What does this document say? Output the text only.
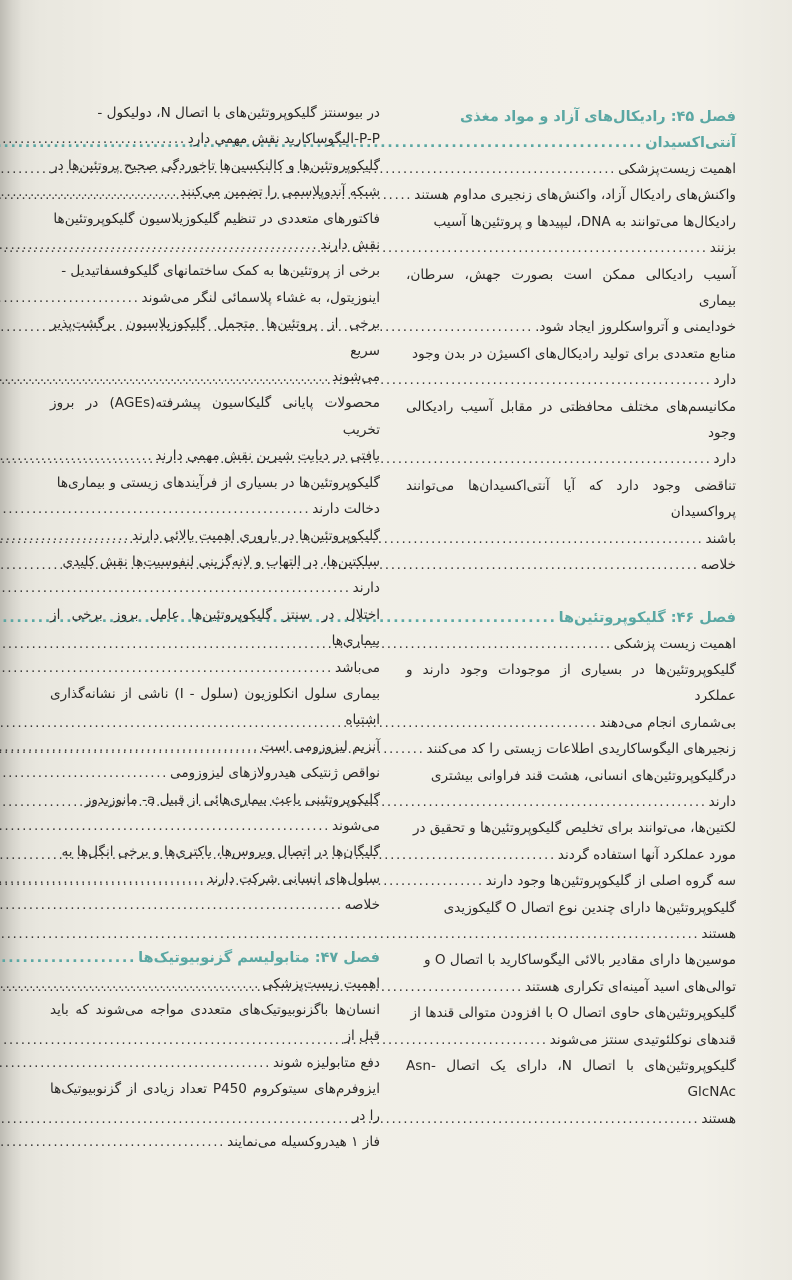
فصل ۴۵: رادیکال‌های آزاد و مواد مغذی
آنتی‌اکسیدان
.....
اهمیت زیست‌پزشکی
.....
واکنش‌های رادیکال آزاد، واکنش‌های زنجیری مداوم هستند
.....
رادیکال‌ها می‌توانند به DNA، لیپیدها و پروتئین‌ها آسیب
بزنند
.....
آسیب رادیکالی ممکن است بصورت جهش، سرطان، بیماری
خودایمنی و آترواسکلروز ایجاد شود.
.....
منابع متعددی برای تولید رادیکال‌های اکسیژن در بدن وجود
دارد
.....
مکانیسم‌های مختلف محافظتی در مقابل آسیب رادیکالی وجود
دارد
.....
تناقضی وجود دارد که آیا آنتی‌اکسیدان‌ها می‌توانند پرواکسیدان
باشند
.....
خلاصه
.....
فصل ۴۶: گلیکوپروتئین‌ها
.....
اهمیت زیست پزشکی
.....
گلیکوپروتئین‌ها در بسیاری از موجودات وجود دارند و عملکرد
بی‌شماری انجام می‌دهند
.....
زنجیرهای الیگوساکاریدی اطلاعات زیستی را کد می‌کنند
.....
درگلیکوپروتئین‌های انسانی، هشت قند فراوانی بیشتری
دارند
.....
لکتین‌ها، می‌توانند برای تخلیص گلیکوپروتئین‌ها و تحقیق در
مورد عملکرد آنها استفاده گردند
.....
سه گروه اصلی از گلیکوپروتئین‌ها وجود دارند
.....
گلیکوپروتئین‌ها دارای چندین نوع اتصال O گلیکوزیدی
هستند
.....
موسین‌ها دارای مقادیر بالائی الیگوساکارید با اتصال O و
توالی‌های اسید آمینه‌ای تکراری هستند
.....
گلیکوپروتئین‌های حاوی اتصال O با افزودن متوالی قندها از
قندهای نوکلئوتیدی سنتز می‌شوند
.....
گلیکوپروتئین‌های با اتصال N، دارای یک اتصال Asn-GlcNAc
هستند
.....
در بیوسنتز گلیکوپروتئین‌های با اتصال N، دولیکول -
P-P-الیگوساکارید نقش مهمی دارد
.....
گلیکوپروتئین‌ها و کالنکسین‌ها تاخوردگی صحیح پروتئین‌ها در
شبکه آندوپلاسمی را تضمین می‌کنند
.....
فاکتورهای متعددی در تنظیم گلیکوزیلاسیون گلیکوپروتئین‌ها
نقش دارند
.....
برخی از پروتئین‌ها به کمک ساختمانهای گلیکوفسفاتیدیل -
اینوزیتول، به غشاء پلاسمائی لنگر می‌شوند
.....
برخی از پروتئین‌ها متحمل گلیکوزیلاسیون برگشت‌پذیر سریع
می‌شوند
.....
محصولات پایانی گلیکاسیون پیشرفته(AGEs) در بروز تخریب
بافتی در دیابت شیرین نقش مهمی دارند
.....
گلیکوپروتئین‌ها در بسیاری از فرآیندهای زیستی و بیماری‌ها
دخالت دارند
.....
گلیکوپروتئین‌ها در باروری اهمیت بالائی دارند
.....
سلکتین‌ها، در التهاب و لانه‌گزینی لنفوسیت‌ها نقش کلیدی
دارند
.....
اختلال در سنتز گلیکوپروتئین‌ها عامل بروز برخی از بیماری‌ها
می‌باشد
.....
بیماری سلول انکلوزیون (سلول - I) ناشی از نشانه‌گذاری اشتباه
آنزیم لیزوزومی است
.....
نواقص ژنتیکی هیدرولازهای لیزوزومی
.....
گلیکوپروتئینی باعث بیماری‌هائی از قبیل a- مانوزیدوز
می‌شوند
.....
گلیگان‌ها در اتصال ویروس‌ها، باکتری‌ها و برخی انگل‌ها به
سلول‌های انسانی شرکت دارند
.....
خلاصه
.....
فصل ۴۷: متابولیسم گزنوبیوتیک‌ها
.....
اهمیت زیست‌پزشکی
.....
انسان‌ها باگزنوبیوتیک‌های متعددی مواجه می‌شوند که باید قبل از
دفع متابولیزه شوند
.....
ایزوفرم‌های سیتوکروم P450 تعداد زیادی از گزنوبیوتیک‌ها را در
فاز ۱ هیدروکسیله می‌نمایند
.....
